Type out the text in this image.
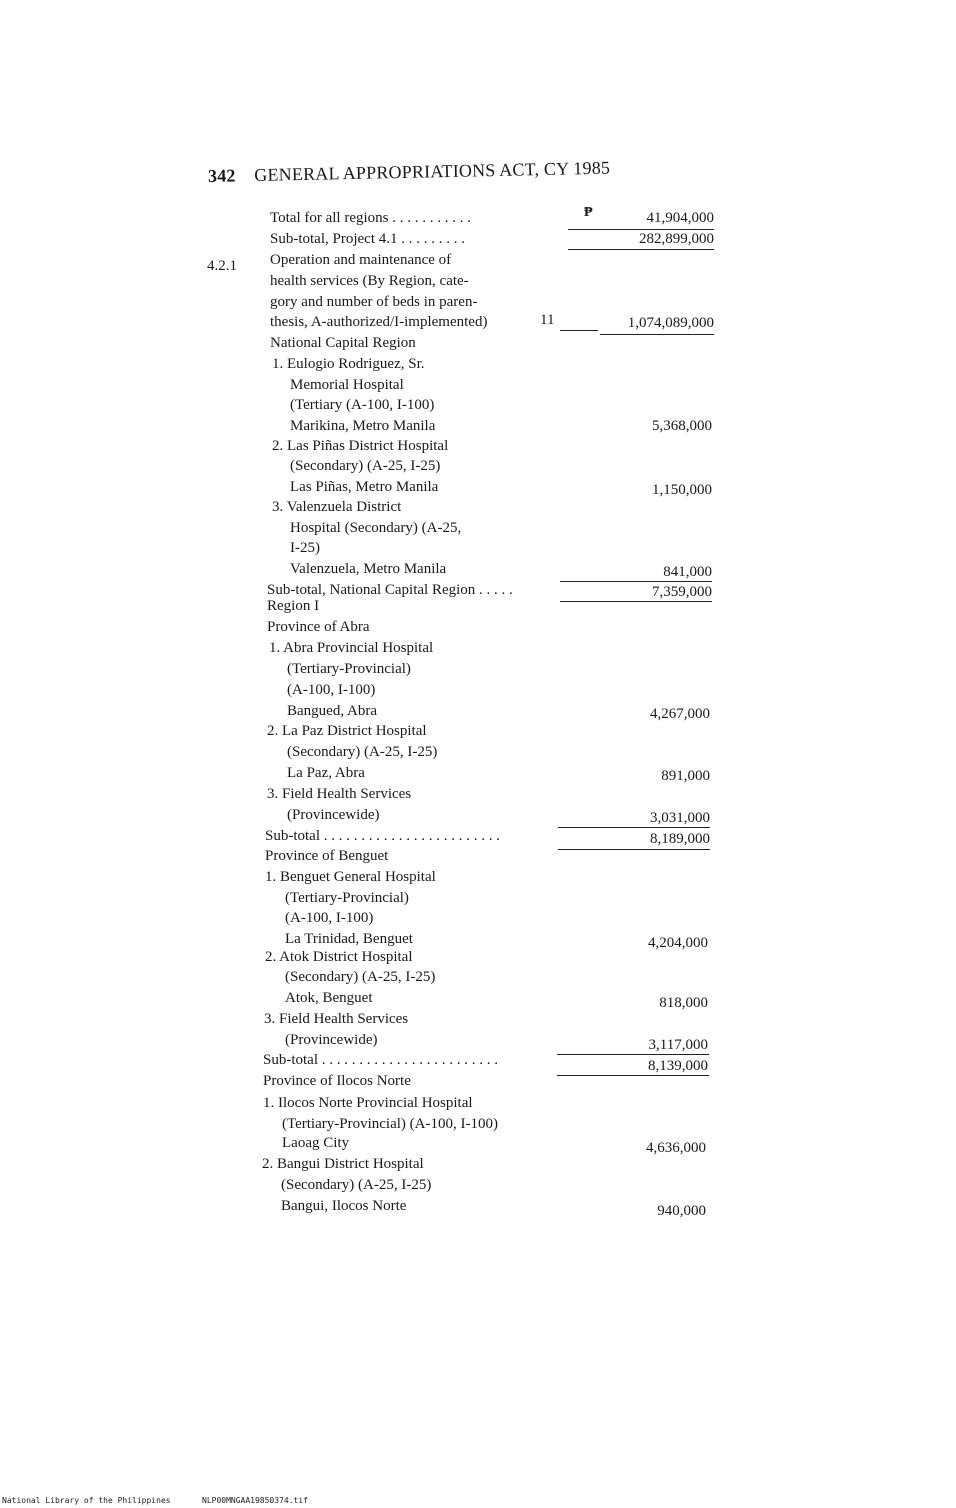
342 GENERAL APPROPRIATIONS ACT, CY 1985
₱
Total for all regions . . . . . . . . . . .	41,904,000
Sub-total, Project 4.1 . . . . . . . . .	282,899,000
4.2.1 Operation and maintenance of
health services (By Region, cate-
gory and number of beds in paren-
thesis, A-authorized/I-implemented)	11	1,074,089,000
National Capital Region
1. Eulogio Rodriguez, Sr.
Memorial Hospital
(Tertiary (A-100, I-100)
Marikina, Metro Manila	5,368,000
2. Las Piñas District Hospital
(Secondary) (A-25, I-25)
Las Piñas, Metro Manila	1,150,000
3. Valenzuela District
Hospital (Secondary) (A-25,
I-25)
Valenzuela, Metro Manila	841,000
Sub-total, National Capital Region . . . . .	7,359,000
Region I
Province of Abra
1. Abra Provincial Hospital
(Tertiary-Provincial)
(A-100, I-100)
Bangued, Abra	4,267,000
2. La Paz District Hospital
(Secondary) (A-25, I-25)
La Paz, Abra	891,000
3. Field Health Services
(Provincewide)	3,031,000
Sub-total . . . . . . . . . . . . . . . . . . . . . . . .	8,189,000
Province of Benguet
1. Benguet General Hospital
(Tertiary-Provincial)
(A-100, I-100)
La Trinidad, Benguet	4,204,000
2. Atok District Hospital
(Secondary) (A-25, I-25)
Atok, Benguet	818,000
3. Field Health Services
(Provincewide)	3,117,000
Sub-total . . . . . . . . . . . . . . . . . . . . . . . .	8,139,000
Province of Ilocos Norte
1. Ilocos Norte Provincial Hospital
(Tertiary-Provincial) (A-100, I-100)
Laoag City	4,636,000
2. Bangui District Hospital
(Secondary) (A-25, I-25)
Bangui, Ilocos Norte	940,000
National Library of the Philippines	NLP00MNGAA19850374.tif
